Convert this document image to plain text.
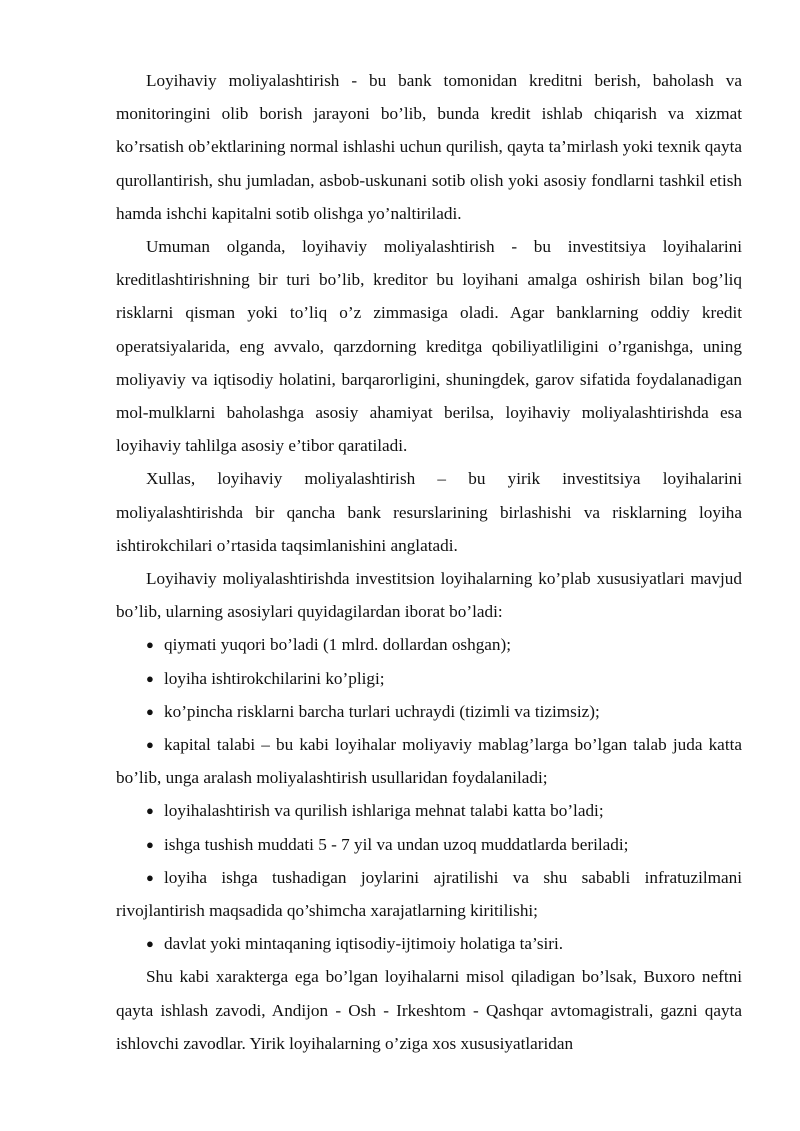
Loyihaviy moliyalashtirish - bu bank tomonidan kreditni berish, baholash va monitoringini olib borish jarayoni bo’lib, bunda kredit ishlab chiqarish va xizmat ko’rsatish ob’ektlarining normal ishlashi uchun qurilish, qayta ta’mirlash yoki texnik qayta qurollantirish, shu jumladan, asbob-uskunani sotib olish yoki asosiy fondlarni tashkil etish hamda ishchi kapitalni sotib olishga yo’naltiriladi.

Umuman olganda, loyihaviy moliyalashtirish - bu investitsiya loyihalarini kreditlashtirishning bir turi bo’lib, kreditor bu loyihani amalga oshirish bilan bog’liq risklarni qisman yoki to’liq o’z zimmasiga oladi. Agar banklarning oddiy kredit operatsiyalarida, eng avvalo, qarzdorning kreditga qobiliyatliligini o’rganishga, uning moliyaviy va iqtisodiy holatini, barqarorligini, shuningdek, garov sifatida foydalanadigan mol-mulklarni baholashga asosiy ahamiyat berilsa, loyihaviy moliyalashtirishda esa loyihaviy tahlilga asosiy e’tibor qaratiladi.

Xullas, loyihaviy moliyalashtirish – bu yirik investitsiya loyihalarini moliyalashtirishda bir qancha bank resurslarining birlashishi va risklarning loyiha ishtirokchilari o’rtasida taqsimlanishini anglatadi.

Loyihaviy moliyalashtirishda investitsion loyihalarning ko’plab xususiyatlari mavjud bo’lib, ularning asosiylari quyidagilardan iborat bo’ladi:

● qiymati yuqori bo’ladi (1 mlrd. dollardan oshgan);
● loyiha ishtirokchilarini ko’pligi;
● ko’pincha risklarni barcha turlari uchraydi (tizimli va tizimsiz);
● kapital talabi – bu kabi loyihalar moliyaviy mablag’larga bo’lgan talab juda katta bo’lib, unga aralash moliyalashtirish usullaridan foydalaniladi;
● loyihalashtirish va qurilish ishlariga mehnat talabi katta bo’ladi;
● ishga tushish muddati 5 - 7 yil va undan uzoq muddatlarda beriladi;
● loyiha ishga tushadigan joylarini ajratilishi va shu sababli infratuzilmani rivojlantirish maqsadida qo’shimcha xarajatlarning kiritilishi;
● davlat yoki mintaqaning iqtisodiy-ijtimoiy holatiga ta’siri.

Shu kabi xarakterga ega bo’lgan loyihalarni misol qiladigan bo’lsak, Buxoro neftni qayta ishlash zavodi, Andijon - Osh - Irkeshtom - Qashqar avtomagistrali, gazni qayta ishlovchi zavodlar. Yirik loyihalarning o’ziga xos xususiyatlaridan
